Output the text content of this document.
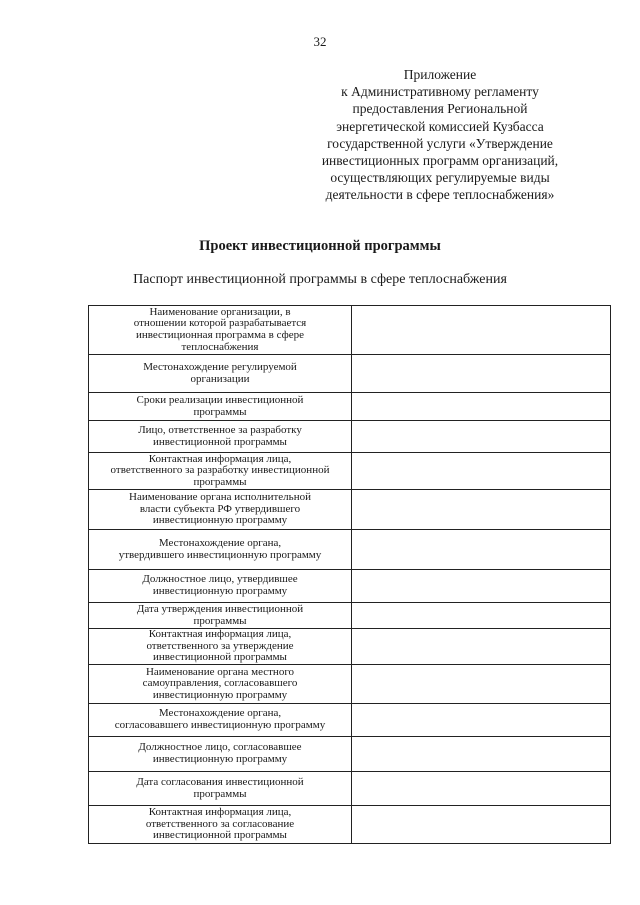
32
Приложение
к Административному регламенту
предоставления Региональной
энергетической комиссией Кузбасса
государственной услуги «Утверждение
инвестиционных программ организаций,
осуществляющих регулируемые виды
деятельности в сфере теплоснабжения»
Проект инвестиционной программы
Паспорт инвестиционной программы в сфере теплоснабжения
Наименование организации, в
отношении которой разрабатывается
инвестиционная программа в сфере
теплоснабжения	

Местонахождение регулируемой
организации	

Сроки реализации инвестиционной
программы	

Лицо, ответственное за разработку
инвестиционной программы	

Контактная информация лица,
ответственного за разработку инвестиционной
программы	

Наименование органа исполнительной
власти субъекта РФ утвердившего
инвестиционную программу	

Местонахождение органа,
утвердившего инвестиционную программу	

Должностное лицо, утвердившее
инвестиционную программу	

Дата утверждения инвестиционной
программы	

Контактная информация лица,
ответственного за утверждение
инвестиционной программы	

Наименование органа местного
самоуправления, согласовавшего
инвестиционную программу	

Местонахождение органа,
согласовавшего инвестиционную программу	

Должностное лицо, согласовавшее
инвестиционную программу	

Дата согласования инвестиционной
программы	

Контактная информация лица,
ответственного за согласование
инвестиционной программы	
